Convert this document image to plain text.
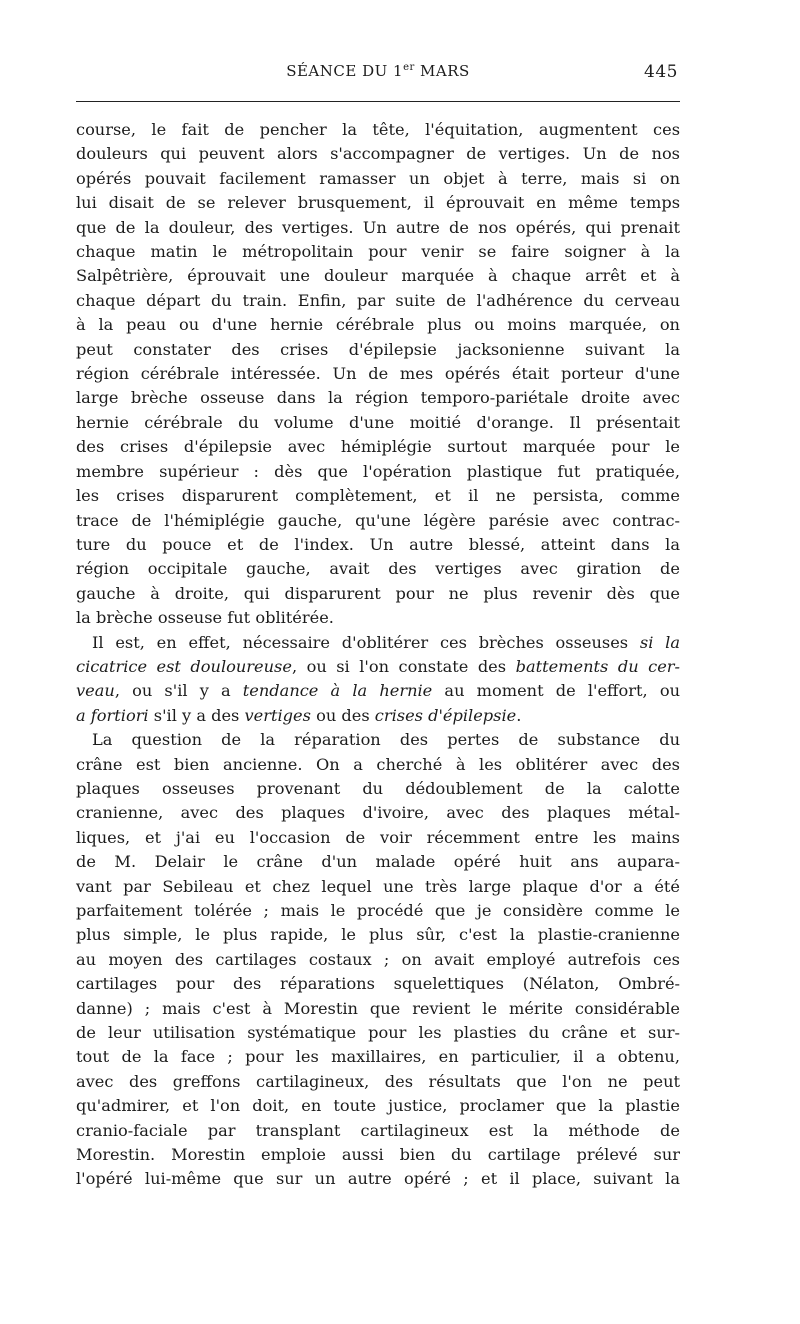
SÉANCE DU 1er MARS	445
course, le fait de pencher la tête, l'équitation, augmentent ces
douleurs qui peuvent alors s'accompagner de vertiges. Un de nos
opérés pouvait facilement ramasser un objet à terre, mais si on
lui disait de se relever brusquement, il éprouvait en même temps
que de la douleur, des vertiges. Un autre de nos opérés, qui prenait
chaque matin le métropolitain pour venir se faire soigner à la
Salpêtrière, éprouvait une douleur marquée à chaque arrêt et à
chaque départ du train. Enfin, par suite de l'adhérence du cerveau
à la peau ou d'une hernie cérébrale plus ou moins marquée, on
peut constater des crises d'épilepsie jacksonienne suivant la
région cérébrale intéressée. Un de mes opérés était porteur d'une
large brèche osseuse dans la région temporo-pariétale droite avec
hernie cérébrale du volume d'une moitié d'orange. Il présentait
des crises d'épilepsie avec hémiplégie surtout marquée pour le
membre supérieur : dès que l'opération plastique fut pratiquée,
les crises disparurent complètement, et il ne persista, comme
trace de l'hémiplégie gauche, qu'une légère parésie avec contrac-
ture du pouce et de l'index. Un autre blessé, atteint dans la
région occipitale gauche, avait des vertiges avec giration de
gauche à droite, qui disparurent pour ne plus revenir dès que
la brèche osseuse fut oblitérée.
Il est, en effet, nécessaire d'oblitérer ces brèches osseuses si la
cicatrice est douloureuse, ou si l'on constate des battements du cer-
veau, ou s'il y a tendance à la hernie au moment de l'effort, ou
a fortiori s'il y a des vertiges ou des crises d'épilepsie.
La question de la réparation des pertes de substance du
crâne est bien ancienne. On a cherché à les oblitérer avec des
plaques osseuses provenant du dédoublement de la calotte
cranienne, avec des plaques d'ivoire, avec des plaques métal-
liques, et j'ai eu l'occasion de voir récemment entre les mains
de M. Delair le crâne d'un malade opéré huit ans aupara-
vant par Sebileau et chez lequel une très large plaque d'or a été
parfaitement tolérée ; mais le procédé que je considère comme le
plus simple, le plus rapide, le plus sûr, c'est la plastie-cranienne
au moyen des cartilages costaux ; on avait employé autrefois ces
cartilages pour des réparations squelettiques (Nélaton, Ombré-
danne) ; mais c'est à Morestin que revient le mérite considérable
de leur utilisation systématique pour les plasties du crâne et sur-
tout de la face ; pour les maxillaires, en particulier, il a obtenu,
avec des greffons cartilagineux, des résultats que l'on ne peut
qu'admirer, et l'on doit, en toute justice, proclamer que la plastie
cranio-faciale par transplant cartilagineux est la méthode de
Morestin. Morestin emploie aussi bien du cartilage prélevé sur
l'opéré lui-même que sur un autre opéré ; et il place, suivant la
